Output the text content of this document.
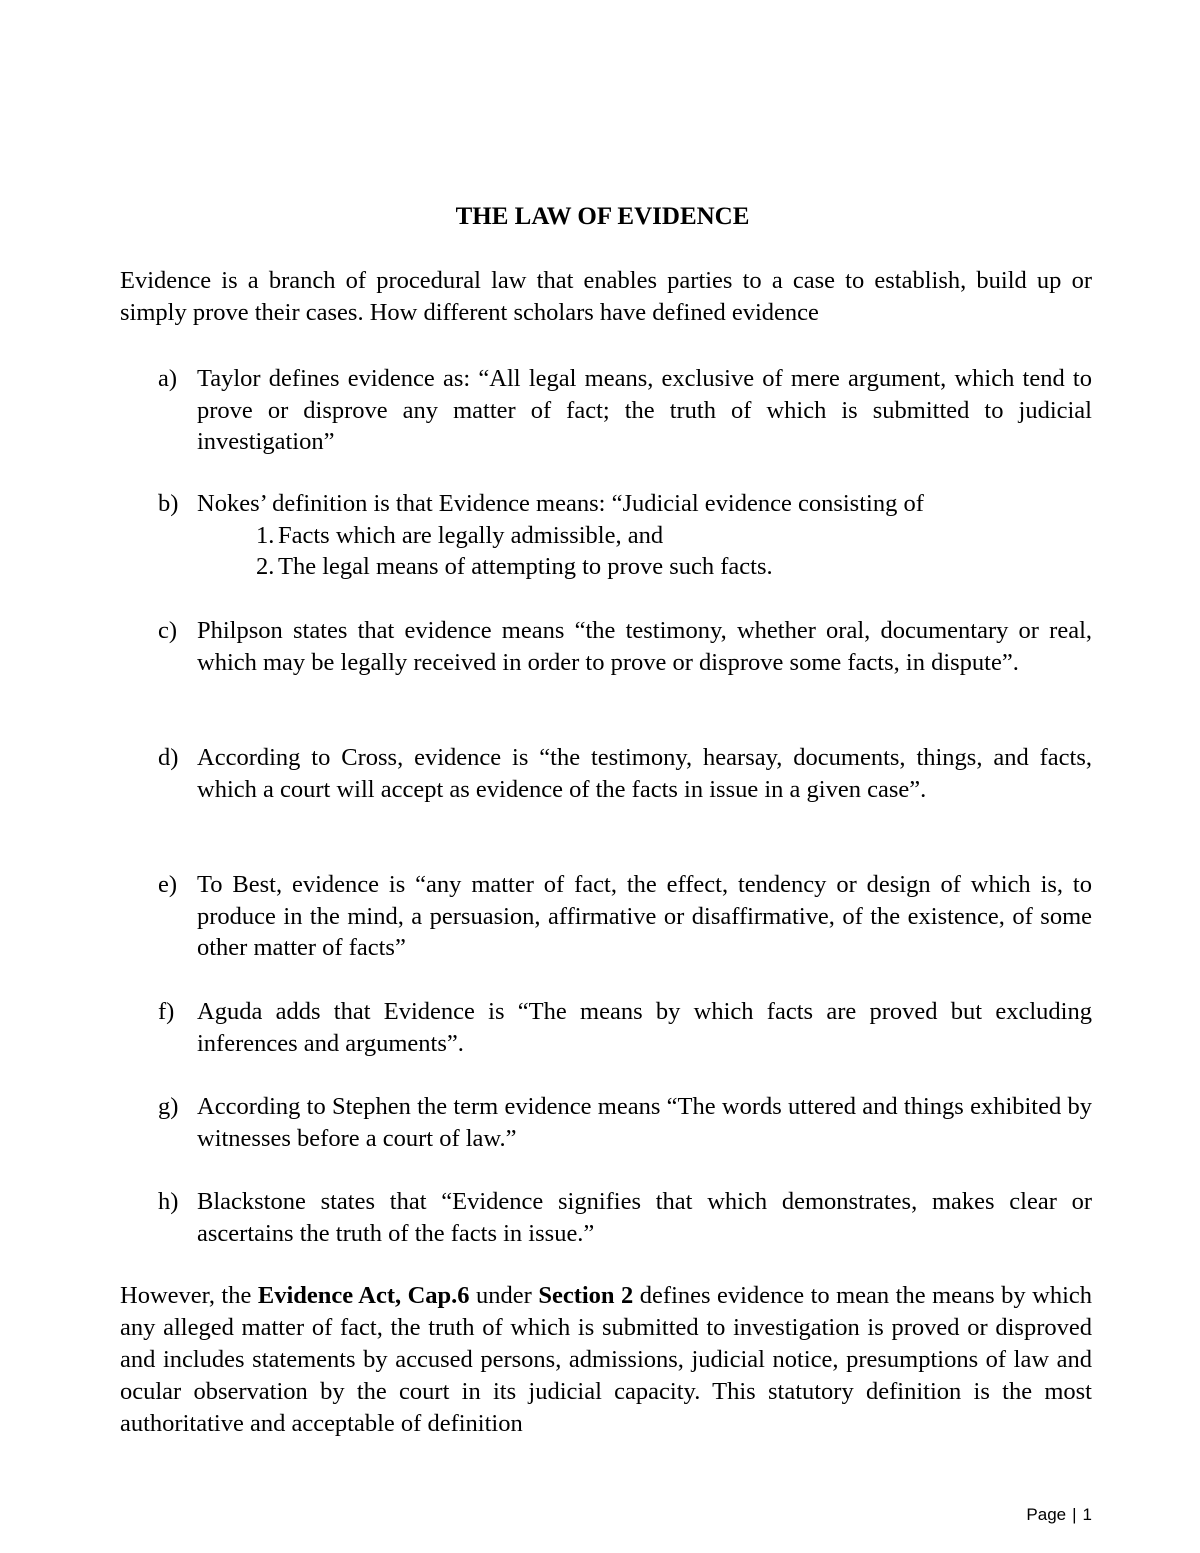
THE LAW OF EVIDENCE
Evidence is a branch of procedural law that enables parties to a case to establish, build up or simply prove their cases. How different scholars have defined evidence
a) Taylor defines evidence as: “All legal means, exclusive of mere argument, which tend to prove or disprove any matter of fact; the truth of which is submitted to judicial investigation”
b) Nokes’ definition is that Evidence means: “Judicial evidence consisting of
1. Facts which are legally admissible, and
2. The legal means of attempting to prove such facts.
c) Philpson states that evidence means “the testimony, whether oral, documentary or real, which may be legally received in order to prove or disprove some facts, in dispute”.
d) According to Cross, evidence is “the testimony, hearsay, documents, things, and facts, which a court will accept as evidence of the facts in issue in a given case”.
e) To Best, evidence is “any matter of fact, the effect, tendency or design of which is, to produce in the mind, a persuasion, affirmative or disaffirmative, of the existence, of some other matter of facts”
f) Aguda adds that Evidence is “The means by which facts are proved but excluding inferences and arguments”.
g) According to Stephen the term evidence means “The words uttered and things exhibited by witnesses before a court of law.”
h) Blackstone states that “Evidence signifies that which demonstrates, makes clear or ascertains the truth of the facts in issue.”
However, the Evidence Act, Cap.6 under Section 2 defines evidence to mean the means by which any alleged matter of fact, the truth of which is submitted to investigation is proved or disproved and includes statements by accused persons, admissions, judicial notice, presumptions of law and ocular observation by the court in its judicial capacity. This statutory definition is the most authoritative and acceptable of definition
Page | 1
